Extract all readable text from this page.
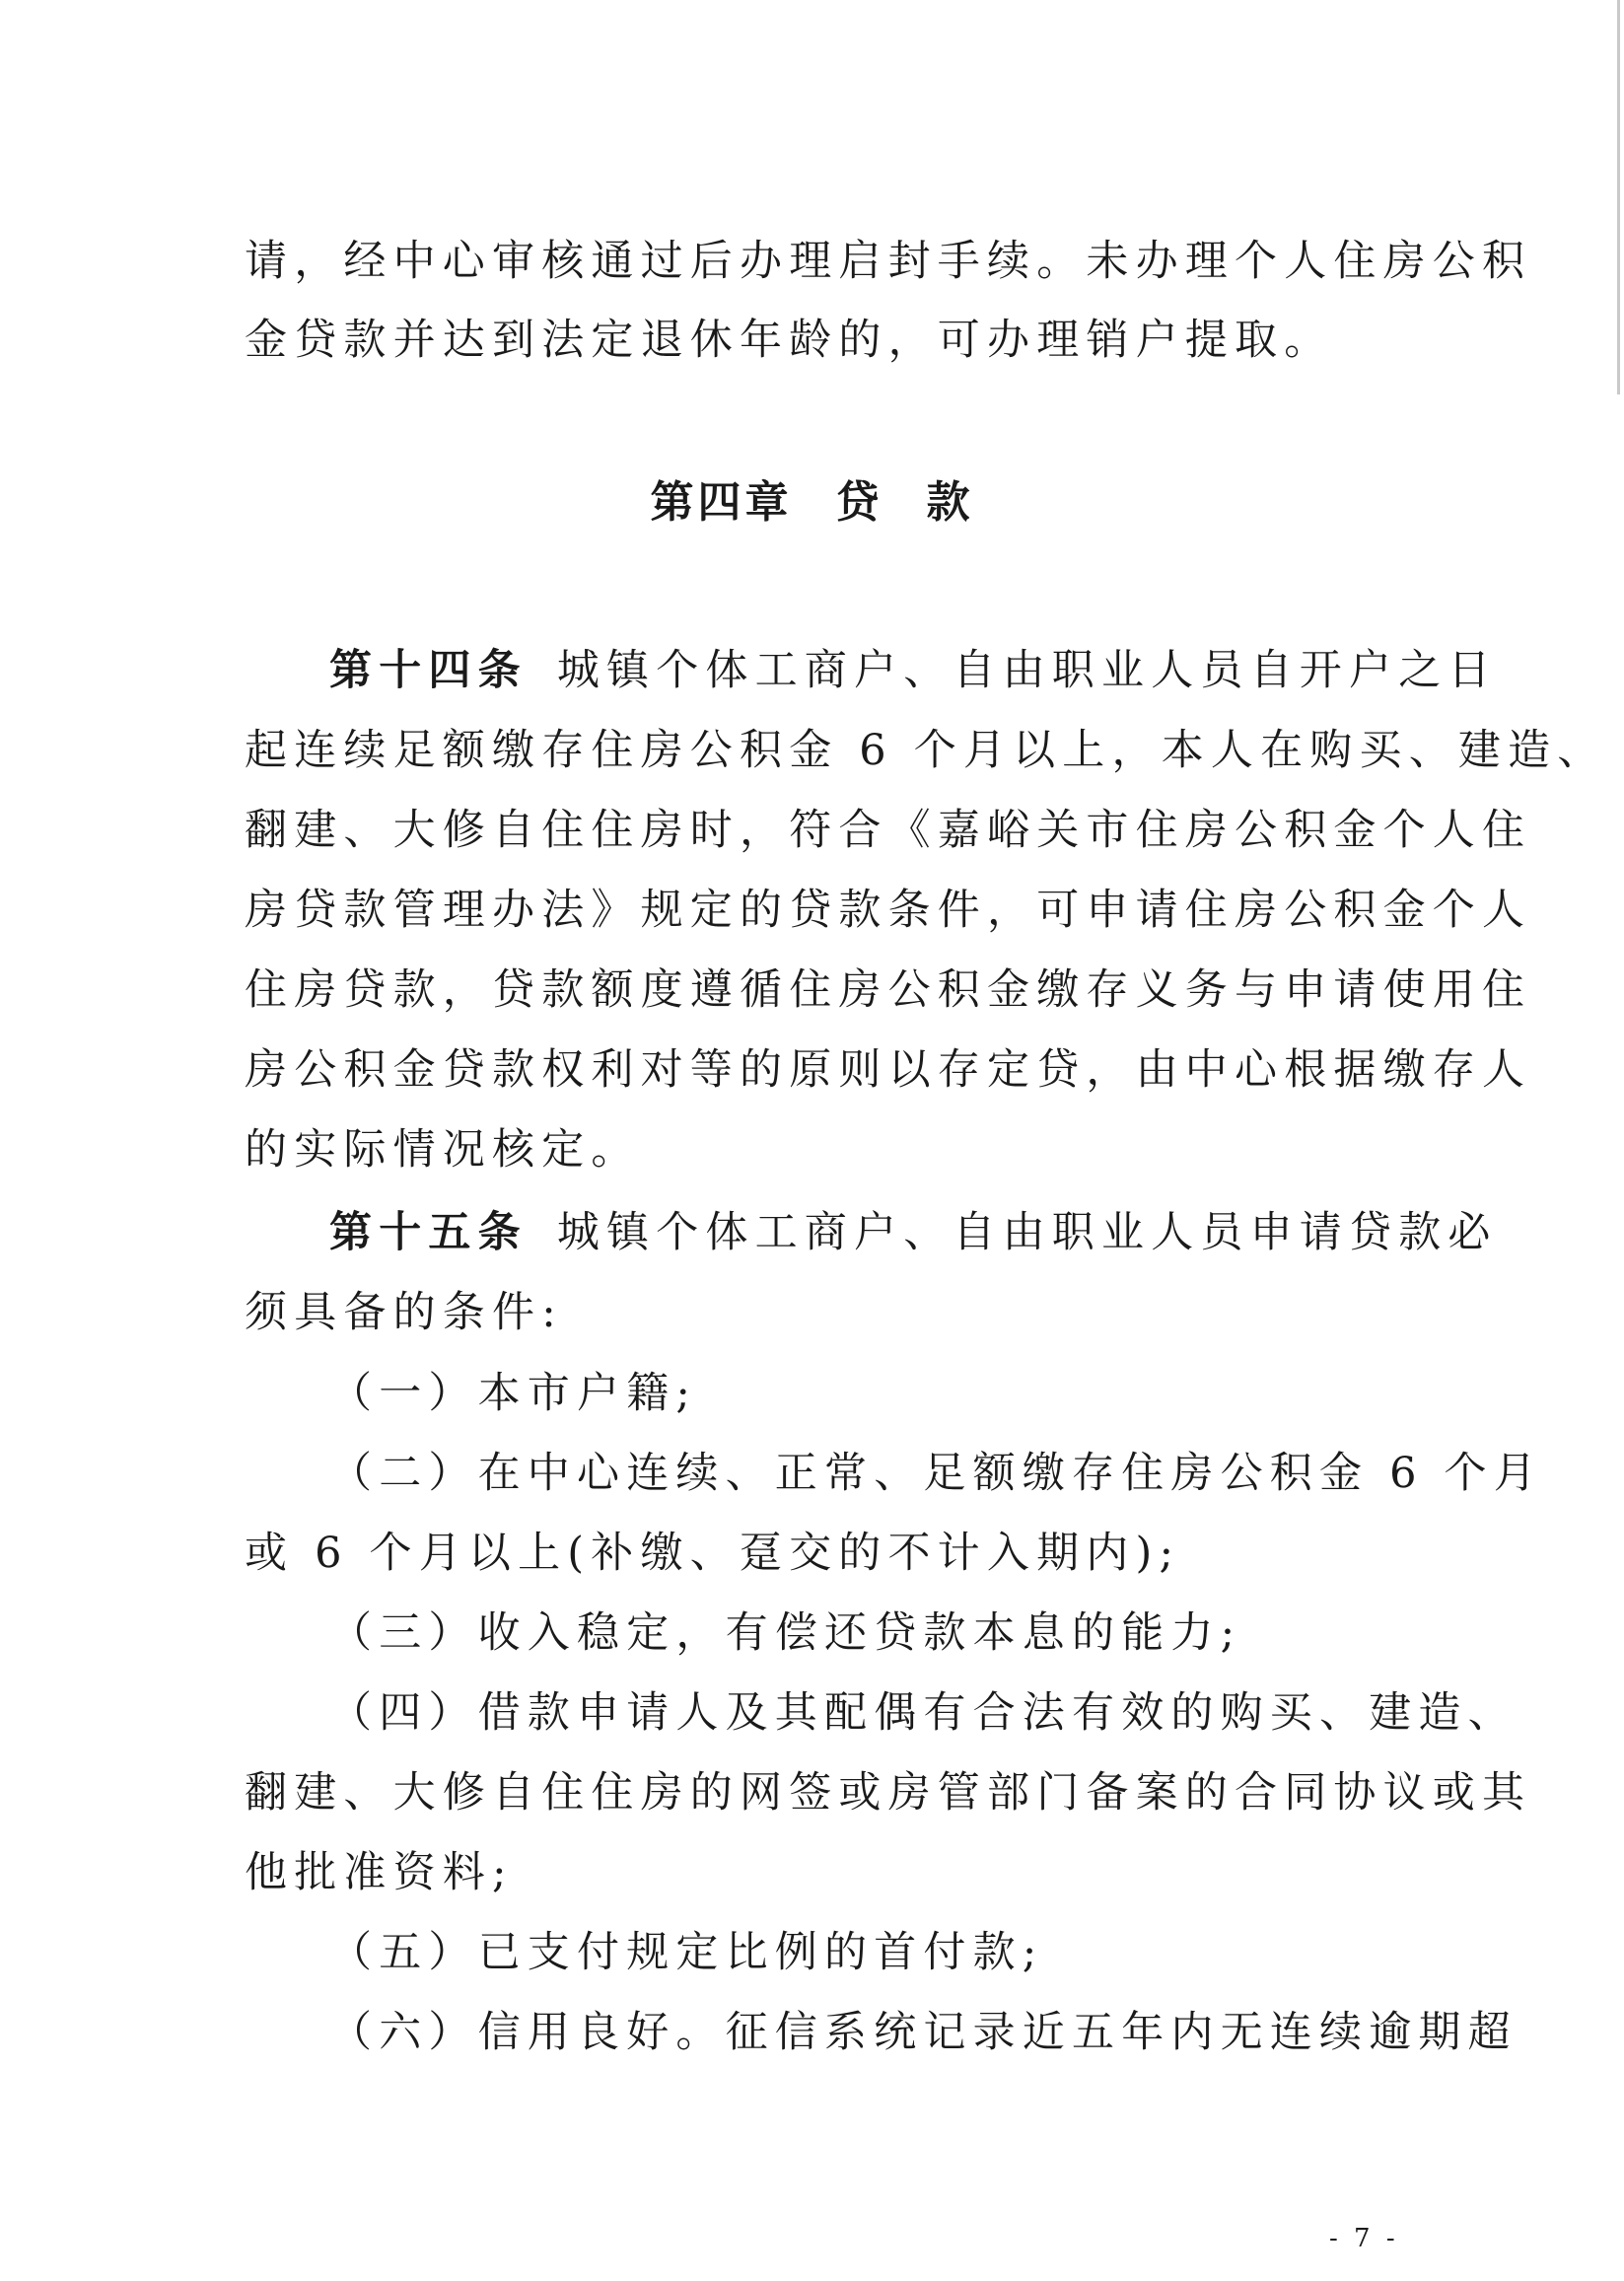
请，经中心审核通过后办理启封手续。未办理个人住房公积
金贷款并达到法定退休年龄的，可办理销户提取。
第四章 贷 款
第十四条 城镇个体工商户、自由职业人员自开户之日
起连续足额缴存住房公积金 6 个月以上，本人在购买、建造、
翻建、大修自住住房时，符合《嘉峪关市住房公积金个人住
房贷款管理办法》规定的贷款条件，可申请住房公积金个人
住房贷款，贷款额度遵循住房公积金缴存义务与申请使用住
房公积金贷款权利对等的原则以存定贷，由中心根据缴存人
的实际情况核定。
第十五条 城镇个体工商户、自由职业人员申请贷款必
须具备的条件:
（一）本市户籍;
（二）在中心连续、正常、足额缴存住房公积金 6 个月
或 6 个月以上(补缴、趸交的不计入期内);
（三）收入稳定，有偿还贷款本息的能力;
（四）借款申请人及其配偶有合法有效的购买、建造、
翻建、大修自住住房的网签或房管部门备案的合同协议或其
他批准资料;
（五）已支付规定比例的首付款;
（六）信用良好。征信系统记录近五年内无连续逾期超
- 7 -
